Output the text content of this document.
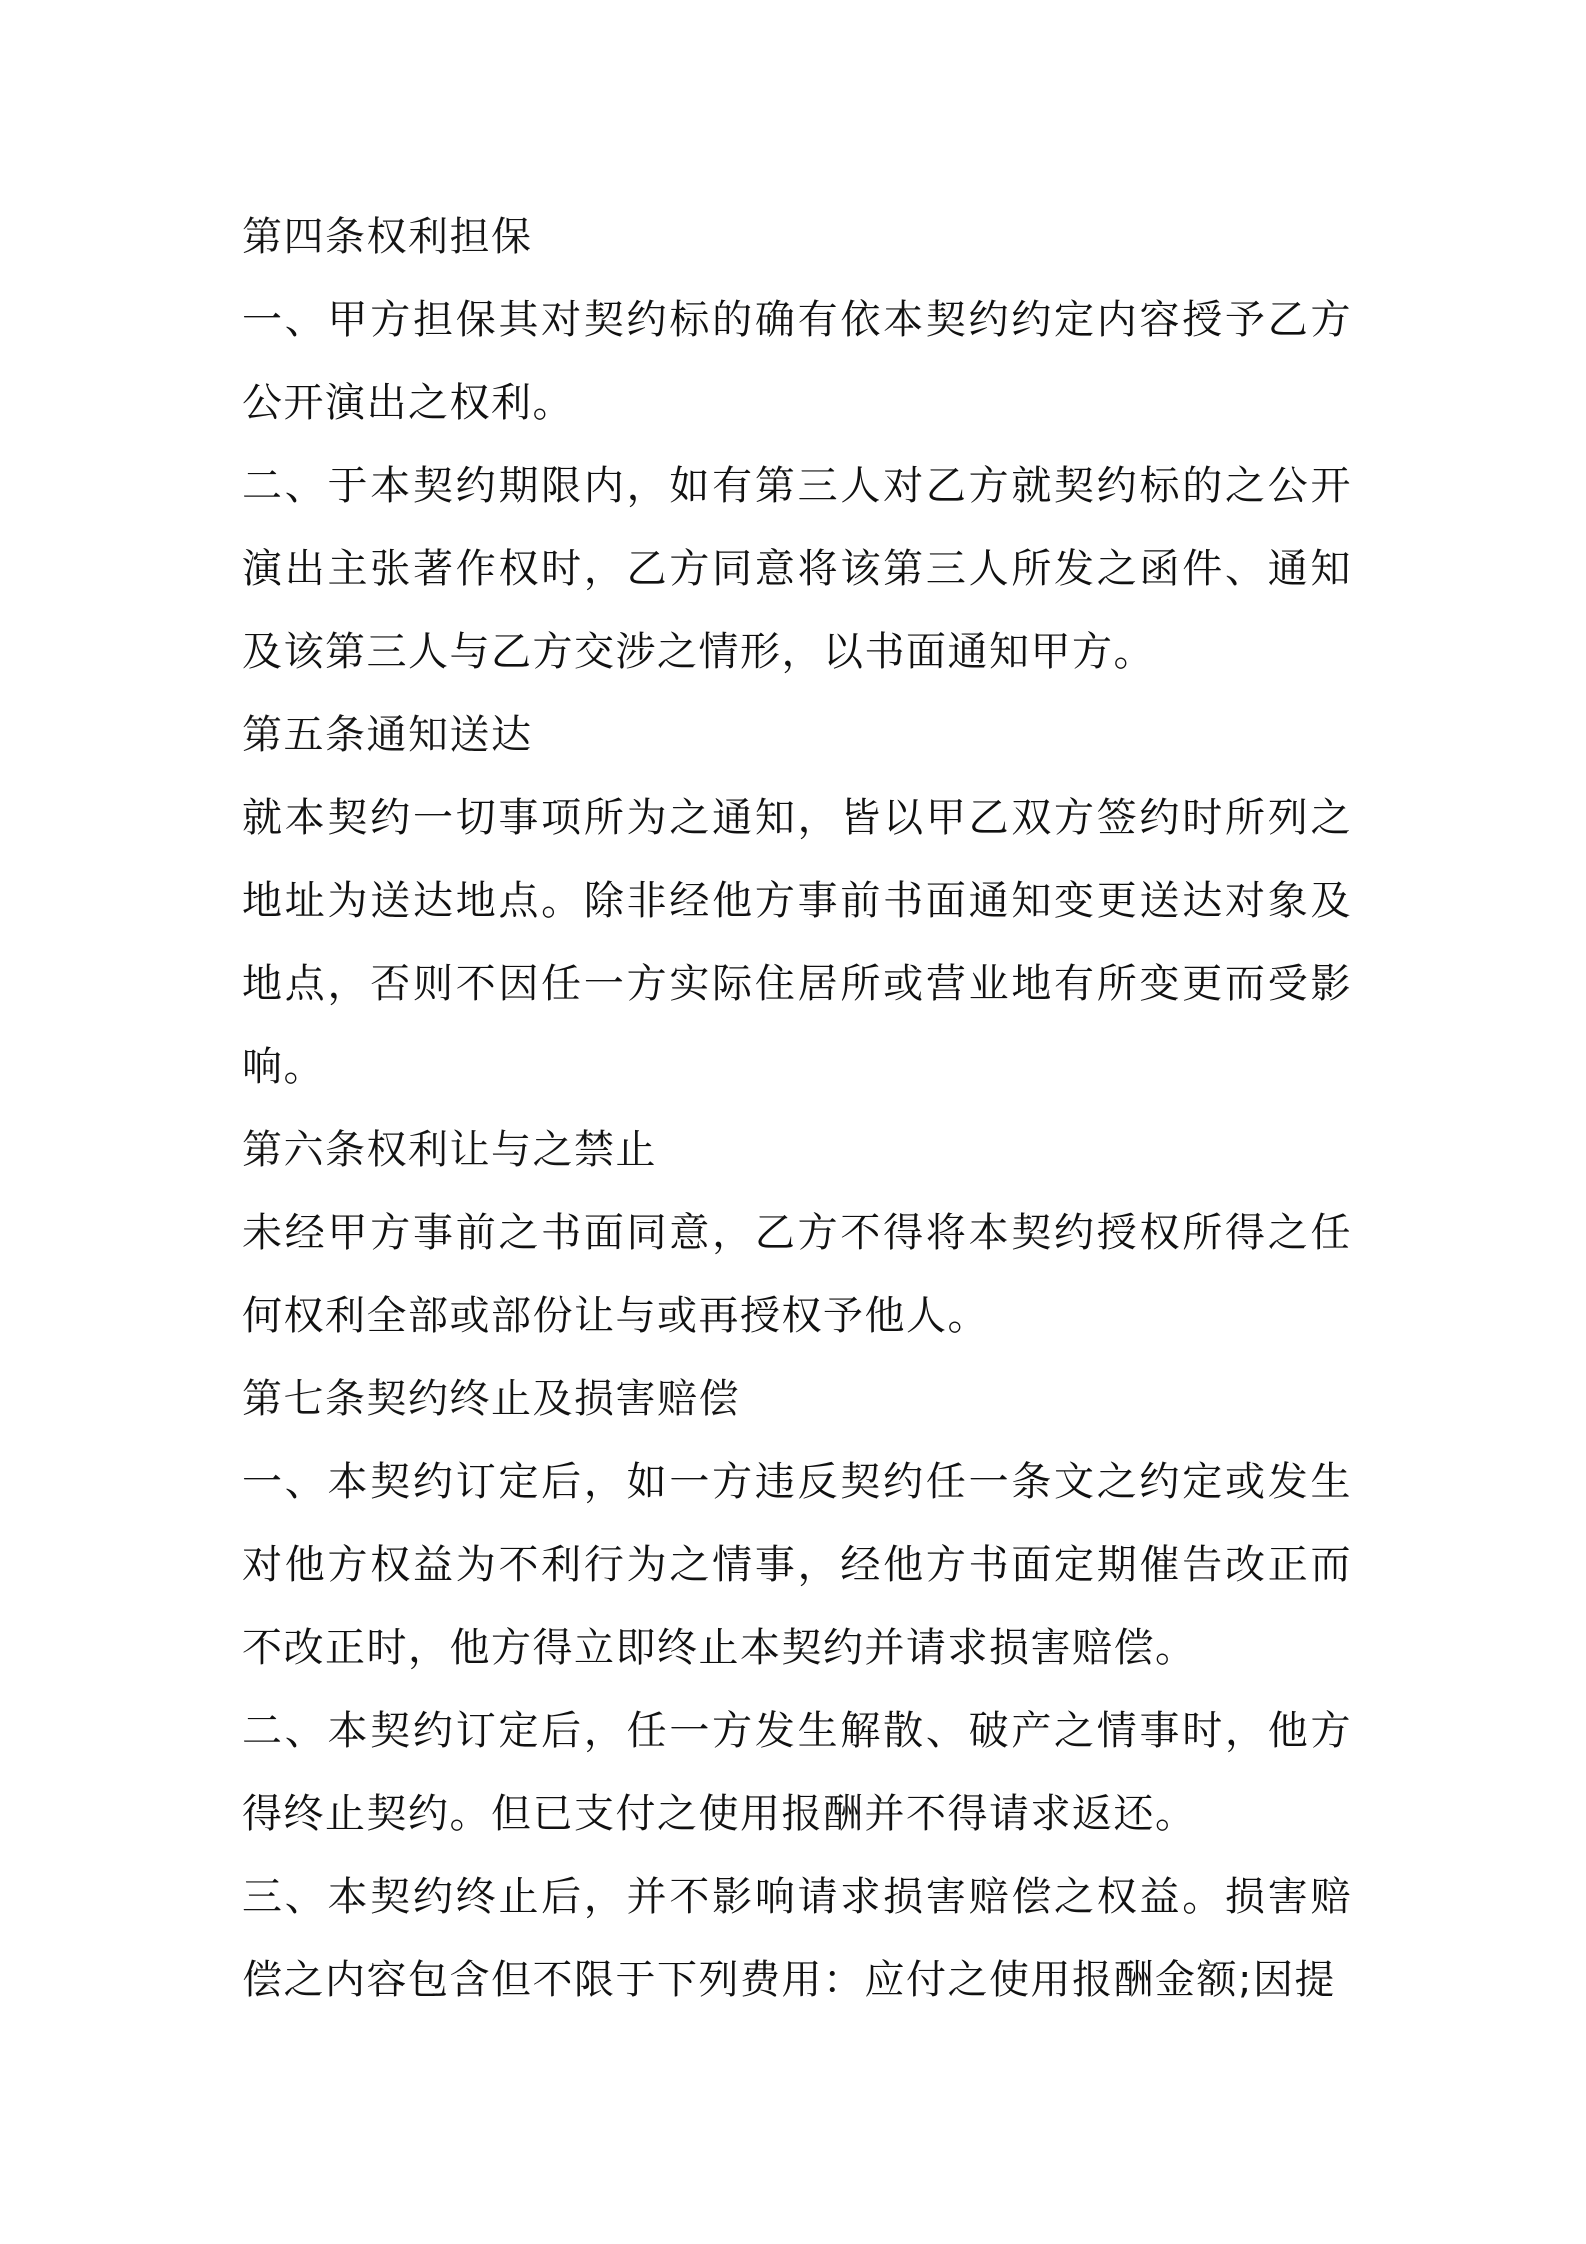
第四条权利担保

一、甲方担保其对契约标的确有依本契约约定内容授予乙方公开演出之权利。

二、于本契约期限内，如有第三人对乙方就契约标的之公开演出主张著作权时，乙方同意将该第三人所发之函件、通知及该第三人与乙方交涉之情形，以书面通知甲方。

第五条通知送达

就本契约一切事项所为之通知，皆以甲乙双方签约时所列之地址为送达地点。除非经他方事前书面通知变更送达对象及地点，否则不因任一方实际住居所或营业地有所变更而受影响。

第六条权利让与之禁止

未经甲方事前之书面同意，乙方不得将本契约授权所得之任何权利全部或部份让与或再授权予他人。

第七条契约终止及损害赔偿

一、本契约订定后，如一方违反契约任一条文之约定或发生对他方权益为不利行为之情事，经他方书面定期催告改正而不改正时，他方得立即终止本契约并请求损害赔偿。

二、本契约订定后，任一方发生解散、破产之情事时，他方得终止契约。但已支付之使用报酬并不得请求返还。

三、本契约终止后，并不影响请求损害赔偿之权益。损害赔偿之内容包含但不限于下列费用：应付之使用报酬金额;因提
